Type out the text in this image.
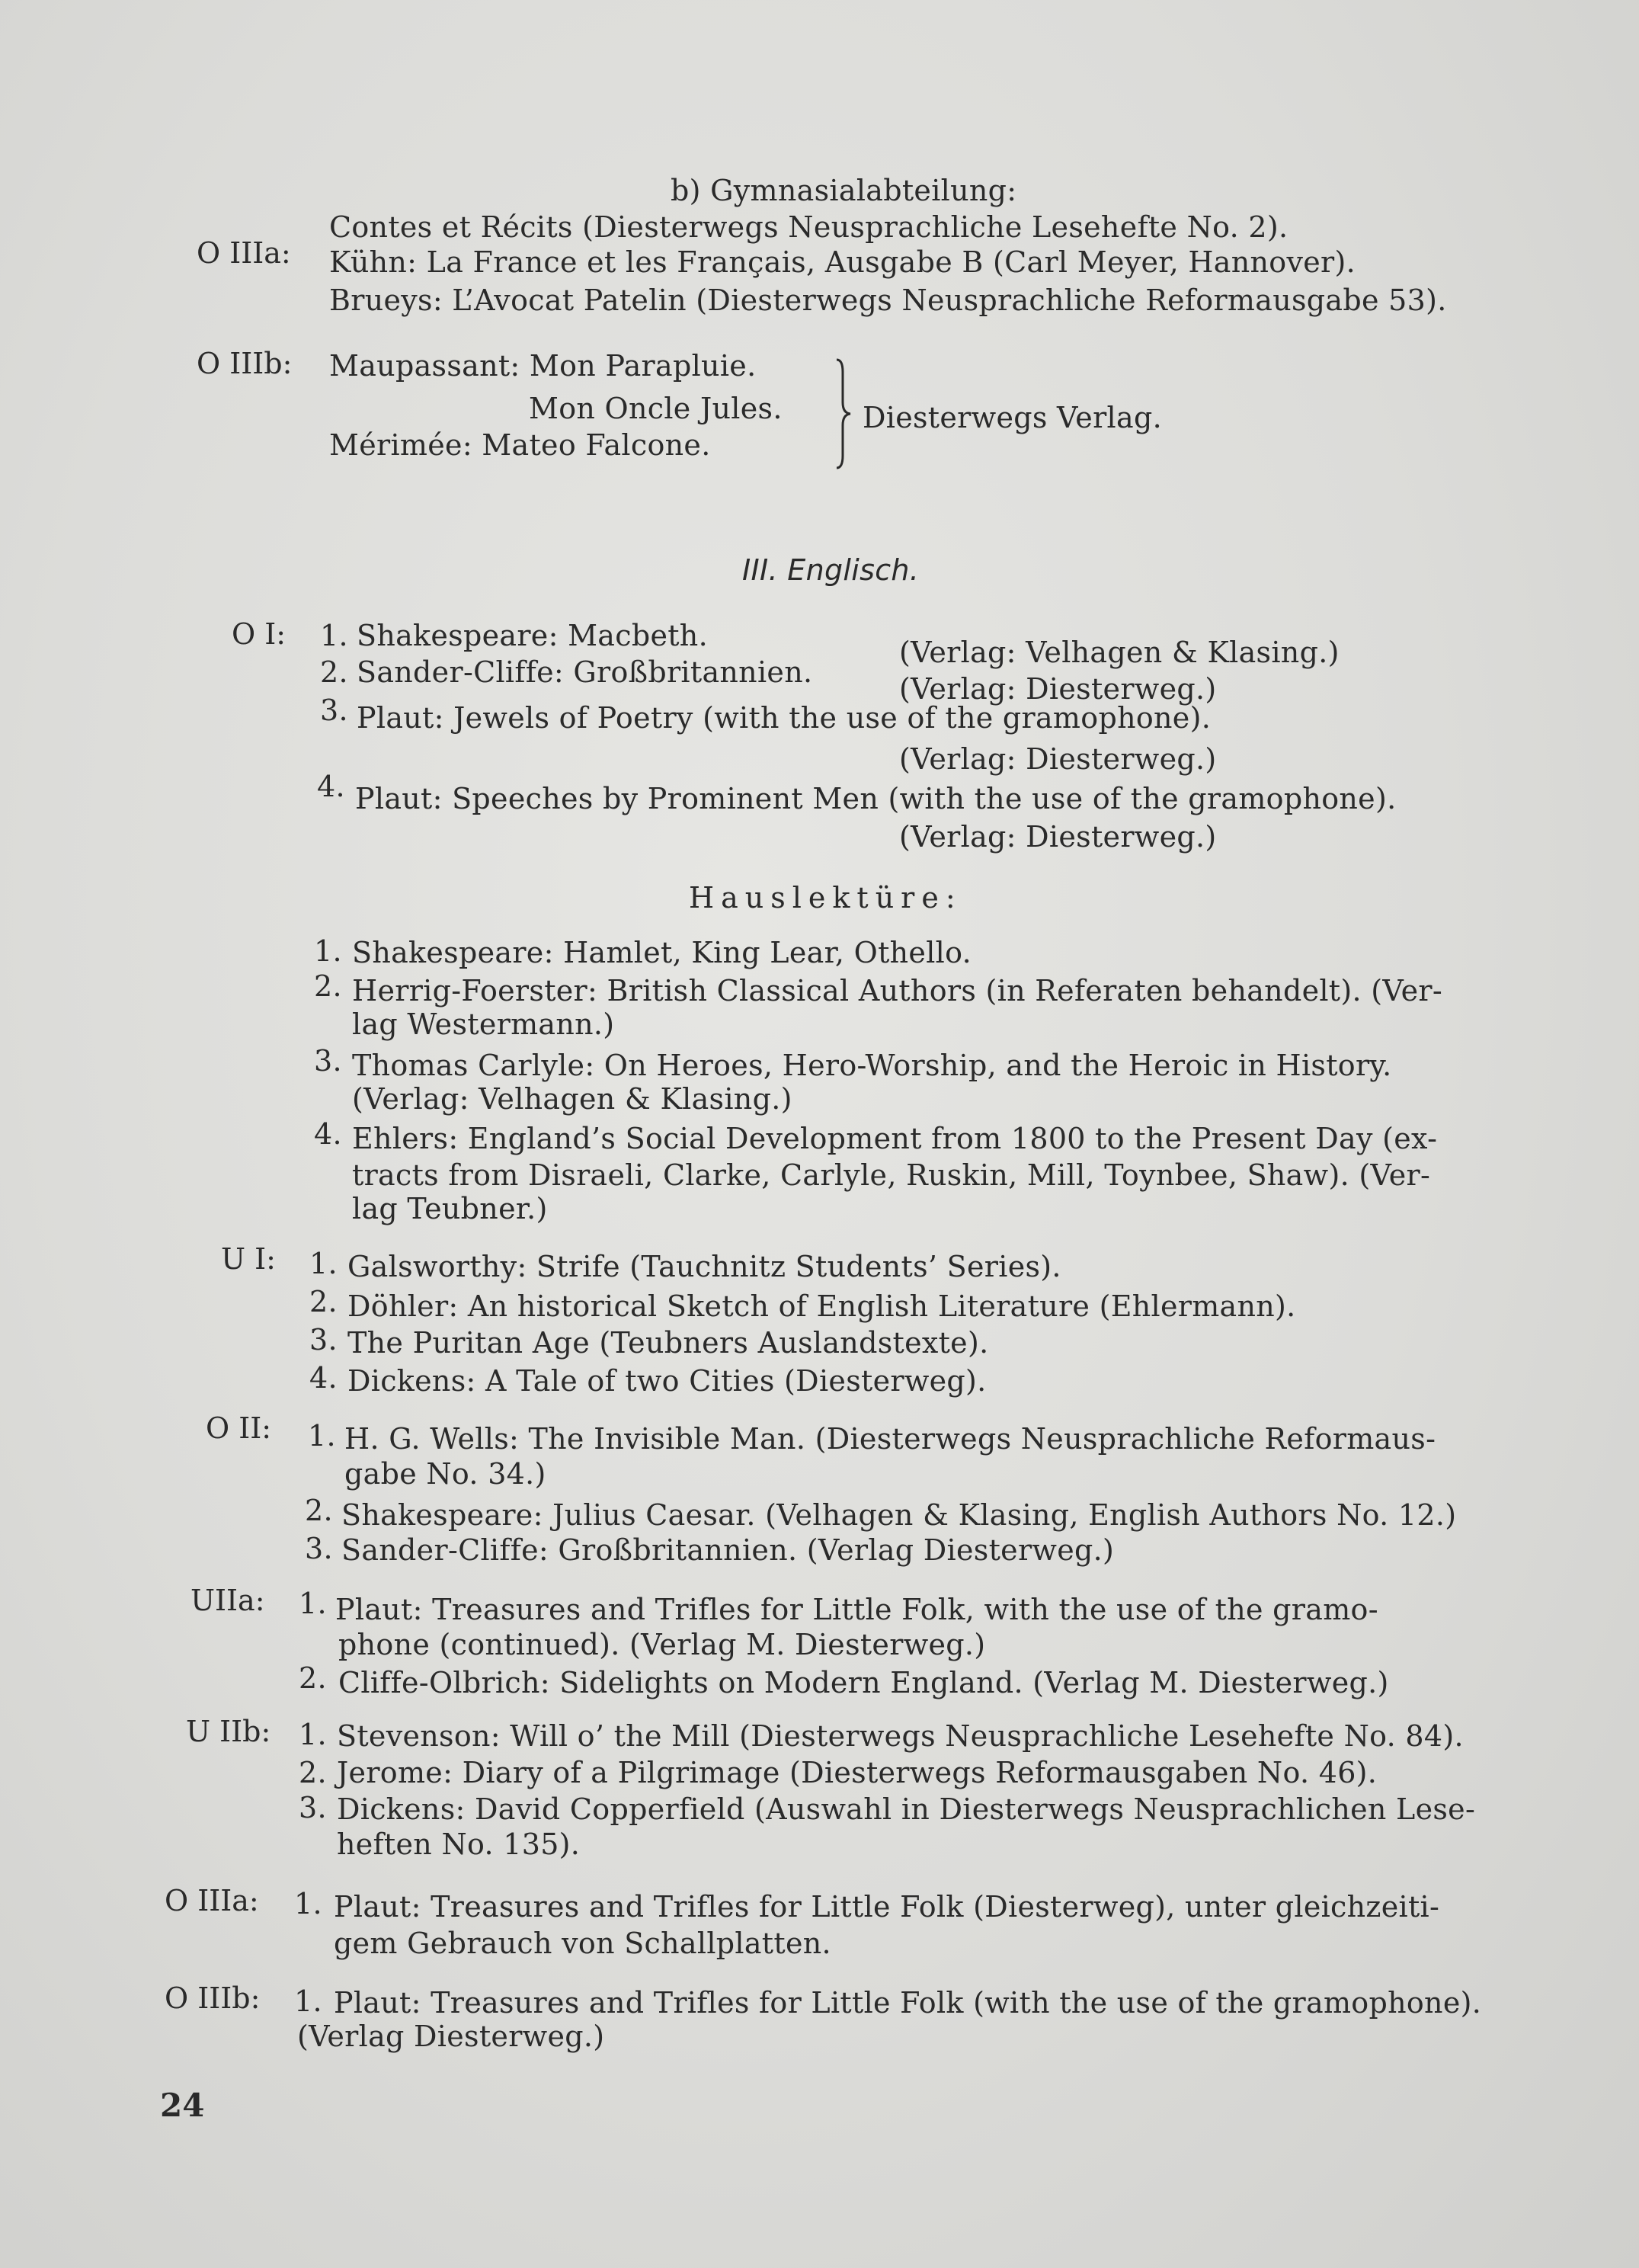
b) Gymnasialabteilung:
Contes et Récits (Diesterwegs Neusprachliche Lesehefte No. 2).
O IIIa: Kühn: La France et les Français, Ausgabe B (Carl Meyer, Hannover).
Brueys: L’Avocat Patelin (Diesterwegs Neusprachliche Reformausgabe 53).
O IIIb: Maupassant: Mon Parapluie.
Mon Oncle Jules.
Mérimée: Mateo Falcone.
Diesterwegs Verlag.
III. Englisch.
O I: 1. Shakespeare: Macbeth.	(Verlag: Velhagen & Klasing.)
2. Sander-Cliffe: Großbritannien.	(Verlag: Diesterweg.)
3. Plaut: Jewels of Poetry (with the use of the gramophone).
(Verlag: Diesterweg.)
4. Plaut: Speeches by Prominent Men (with the use of the gramophone).
(Verlag: Diesterweg.)
Hauslektüre:
1. Shakespeare: Hamlet, King Lear, Othello.
2. Herrig-Foerster: British Classical Authors (in Referaten behandelt). (Ver-
lag Westermann.)
3. Thomas Carlyle: On Heroes, Hero-Worship, and the Heroic in History.
(Verlag: Velhagen & Klasing.)
4. Ehlers: England’s Social Development from 1800 to the Present Day (ex-
tracts from Disraeli, Clarke, Carlyle, Ruskin, Mill, Toynbee, Shaw). (Ver-
lag Teubner.)
U I: 1. Galsworthy: Strife (Tauchnitz Students’ Series).
2. Döhler: An historical Sketch of English Literature (Ehlermann).
3. The Puritan Age (Teubners Auslandstexte).
4. Dickens: A Tale of two Cities (Diesterweg).
O II: 1. H. G. Wells: The Invisible Man. (Diesterwegs Neusprachliche Reformaus-
gabe No. 34.)
2. Shakespeare: Julius Caesar. (Velhagen & Klasing, English Authors No. 12.)
3. Sander-Cliffe: Großbritannien. (Verlag Diesterweg.)
UIIa: 1. Plaut: Treasures and Trifles for Little Folk, with the use of the gramo-
phone (continued). (Verlag M. Diesterweg.)
2. Cliffe-Olbrich: Sidelights on Modern England. (Verlag M. Diesterweg.)
U IIb: 1. Stevenson: Will o’ the Mill (Diesterwegs Neusprachliche Lesehefte No. 84).
2. Jerome: Diary of a Pilgrimage (Diesterwegs Reformausgaben No. 46).
3. Dickens: David Copperfield (Auswahl in Diesterwegs Neusprachlichen Lese-
heften No. 135).
O IIIa: 1. Plaut: Treasures and Trifles for Little Folk (Diesterweg), unter gleichzeiti-
gem Gebrauch von Schallplatten.
O IIIb: 1. Plaut: Treasures and Trifles for Little Folk (with the use of the gramophone).
(Verlag Diesterweg.)
24
